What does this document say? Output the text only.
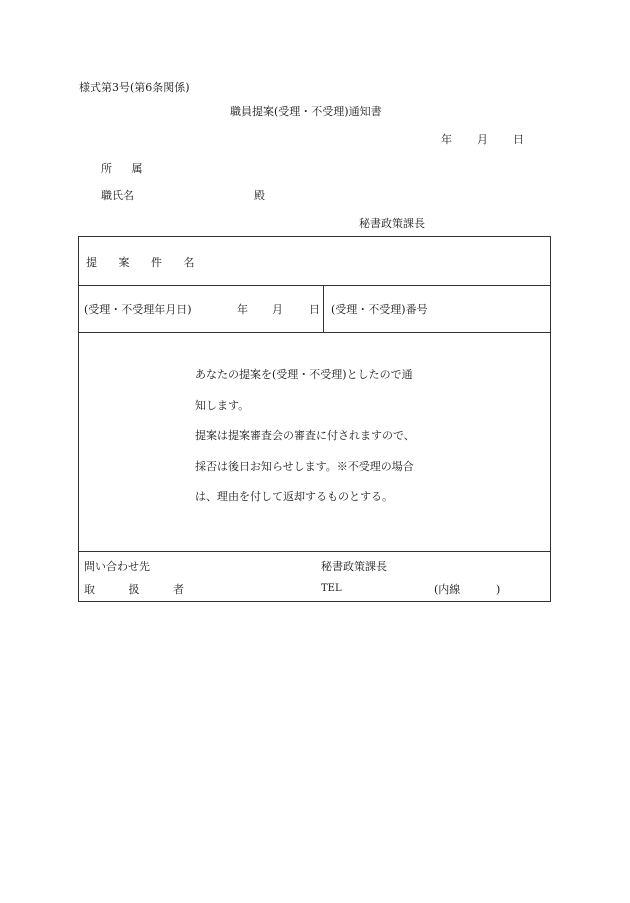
様式第3号(第6条関係)
職員提案(受理・不受理)通知書
年 月 日
所 属
職氏名	殿
秘書政策課長
提 案 件 名
(受理・不受理年月日)	年 月 日 (受理・不受理)番号
あなたの提案を(受理・不受理)としたので通
知します。
提案は提案審査会の審査に付されますので、
採否は後日お知らせします。※不受理の場合
は、理由を付して返却するものとする。
問い合わせ先	秘書政策課長
取 扱 者	TEL	(内線	)
